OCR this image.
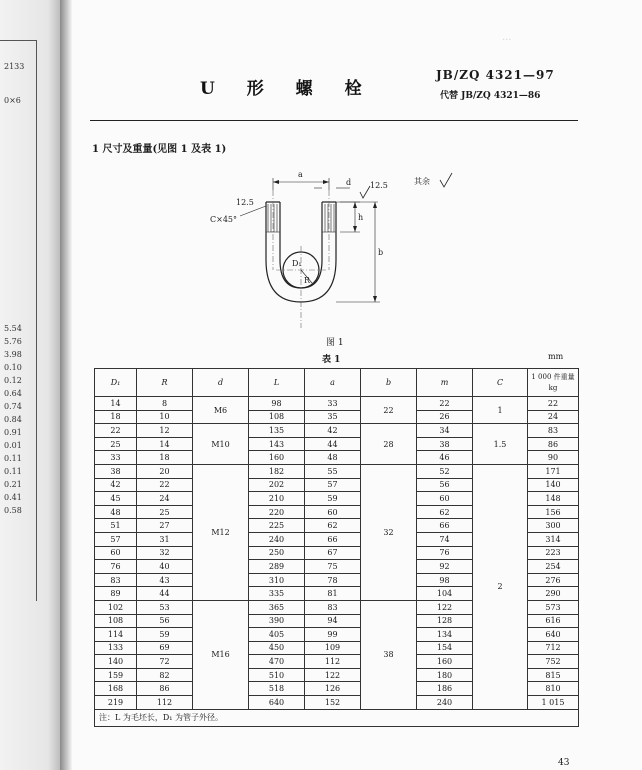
2133
0×6
5.54
5.76
3.98
0.10
0.12
0.64
0.74
0.84
0.91
0.01
0.11
0.11
0.21
0.41
0.58
...
U 形 螺 栓
JB/ZQ 4321—97
代替 JB/ZQ 4321—86
1 尺寸及重量(见图 1 及表 1)
a
d
h
b
C×45°
12.5
12.5	其余
R
D₁
图 1
表 1	mm
D₁	R	d	L	a	b	m	C	1 000 件重量 kg
14	8	M6	98	33	22	22	1	22
18	10		108	35		26		24
22	12	M10	135	42	28	34	1.5	83
25	14		143	44		38		86
33	18		160	48		46		90
38	20	M12	182	55	32	52	2	171
42	22		202	57		56		140
45	24		210	59		60		148
48	25		220	60		62		156
51	27		225	62		66		300
57	31		240	66		74		314
60	32		250	67		76		223
76	40		289	75		92		254
83	43		310	78		98		276
89	44		335	81		104		290
102	53	M16	365	83	38	122		573
108	56		390	94		128		616
114	59		405	99		134		640
133	69		450	109		154		712
140	72		470	112		160		752
159	82		510	122		180		815
168	86		518	126		186		810
219	112		640	152		240		1 015
注：L 为毛坯长，D₁ 为管子外径。								
43
